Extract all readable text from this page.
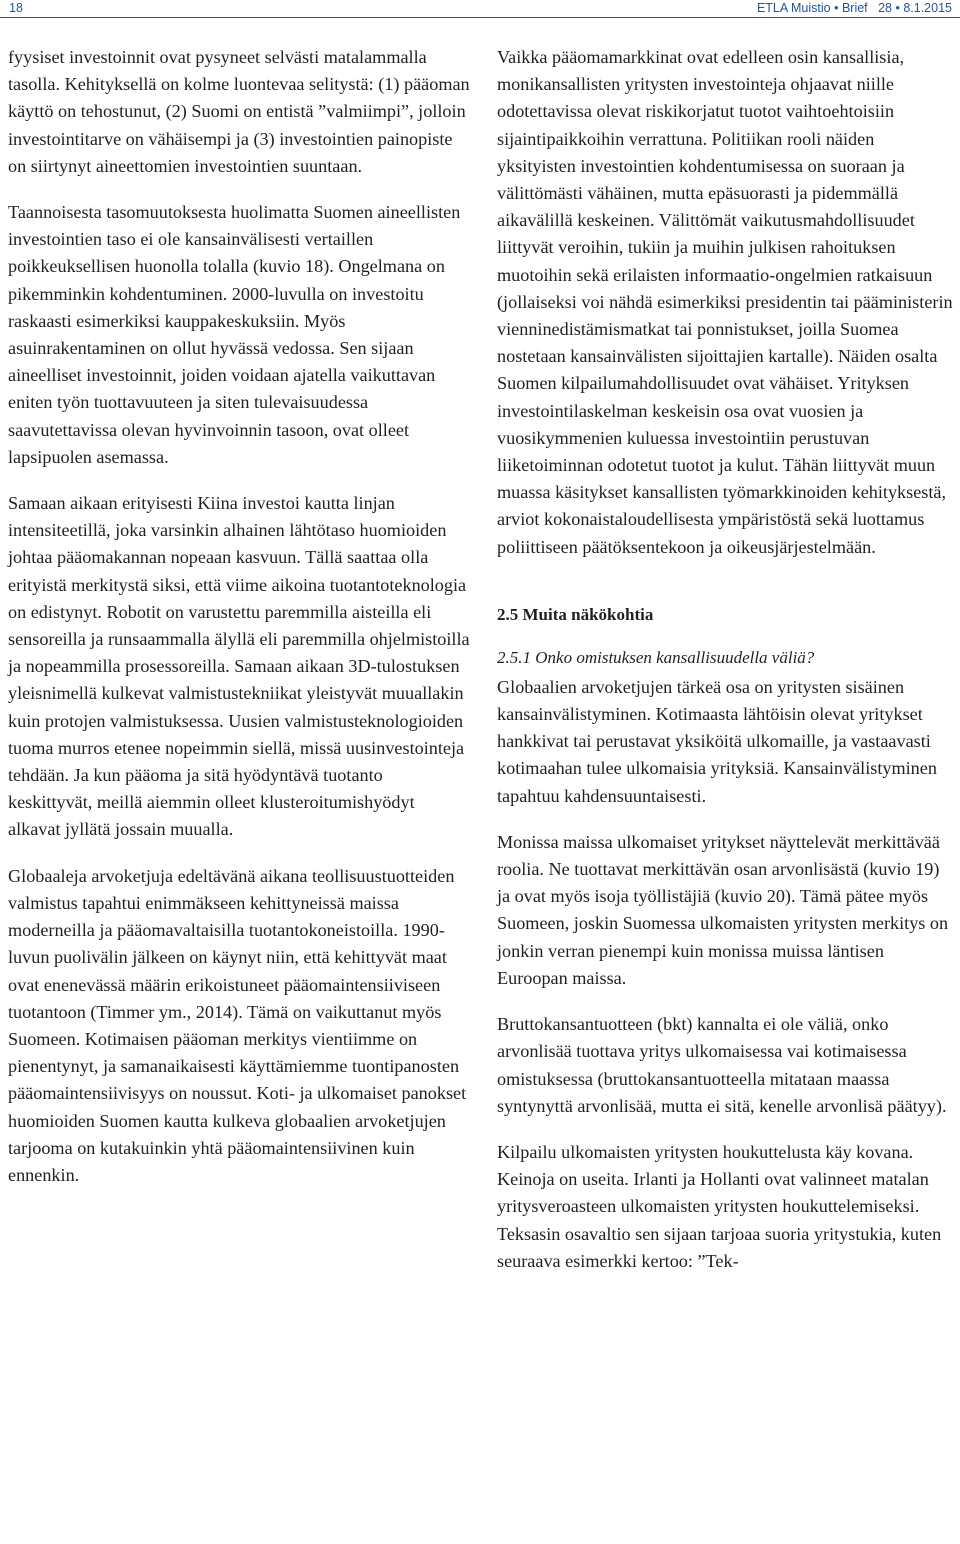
18	ETLA Muistio • Brief 28 • 8.1.2015

fyysiset investoinnit ovat pysyneet selvästi matalammalla tasolla. Kehityksellä on kolme luontevaa selitystä: (1) pääoman käyttö on tehostunut, (2) Suomi on entistä ”valmiimpi”, jolloin investointitarve on vähäisempi ja (3) investointien painopiste on siirtynyt aineettomien investointien suuntaan.

Taannoisesta tasomuutoksesta huolimatta Suomen aineellisten investointien taso ei ole kansainvälisesti vertaillen poikkeuksellisen huonolla tolalla (kuvio 18). Ongelmana on pikemminkin kohdentuminen. 2000-luvulla on investoitu raskaasti esimerkiksi kauppakeskuksiin. Myös asuinrakentaminen on ollut hyvässä vedossa. Sen sijaan aineelliset investoinnit, joiden voidaan ajatella vaikuttavan eniten työn tuottavuuteen ja siten tulevaisuudessa saavutettavissa olevan hyvinvoinnin tasoon, ovat olleet lapsipuolen asemassa.

Samaan aikaan erityisesti Kiina investoi kautta linjan intensiteetillä, joka varsinkin alhainen lähtötaso huomioiden johtaa pääomakannan nopeaan kasvuun. Tällä saattaa olla erityistä merkitystä siksi, että viime aikoina tuotantoteknologia on edistynyt. Robotit on varustettu paremmilla aisteilla eli sensoreilla ja runsaammalla älyllä eli paremmilla ohjelmistoilla ja nopeammilla prosessoreilla. Samaan aikaan 3D-tulostuksen yleisnimellä kulkevat valmistustekniikat yleistyvät muuallakin kuin protojen valmistuksessa. Uusien valmistusteknologioiden tuoma murros etenee nopeimmin siellä, missä uusinvestointeja tehdään. Ja kun pääoma ja sitä hyödyntävä tuotanto keskittyvät, meillä aiemmin olleet klusteroitumishyödyt alkavat jyllätä jossain muualla.

Globaaleja arvoketjuja edeltävänä aikana teollisuustuotteiden valmistus tapahtui enimmäkseen kehittyneissä maissa moderneilla ja pääomavaltaisilla tuotantokoneistoilla. 1990-luvun puolivälin jälkeen on käynyt niin, että kehittyvät maat ovat enenevässä määrin erikoistuneet pääomaintensiiviseen tuotantoon (Timmer ym., 2014). Tämä on vaikuttanut myös Suomeen. Kotimaisen pääoman merkitys vientiimme on pienentynyt, ja samanaikaisesti käyttämiemme tuontipanosten pääomaintensiivisyys on noussut. Koti- ja ulkomaiset panokset huomioiden Suomen kautta kulkeva globaalien arvoketjujen tarjooma on kutakuinkin yhtä pääomaintensiivinen kuin ennenkin.

Vaikka pääomamarkkinat ovat edelleen osin kansallisia, monikansallisten yritysten investointeja ohjaavat niille odotettavissa olevat riskikorjatut tuotot vaihtoehtoisiin sijaintipaikkoihin verrattuna. Politiikan rooli näiden yksityisten investointien kohdentumisessa on suoraan ja välittömästi vähäinen, mutta epäsuorasti ja pidemmällä aikavälillä keskeinen. Välittömät vaikutusmahdollisuudet liittyvät veroihin, tukiin ja muihin julkisen rahoituksen muotoihin sekä erilaisten informaatio-ongelmien ratkaisuun (jollaiseksi voi nähdä esimerkiksi presidentin tai pääministerin vienninedistämismatkat tai ponnistukset, joilla Suomea nostetaan kansainvälisten sijoittajien kartalle). Näiden osalta Suomen kilpailumahdollisuudet ovat vähäiset. Yrityksen investointilaskelman keskeisin osa ovat vuosien ja vuosikymmenien kuluessa investointiin perustuvan liiketoiminnan odotetut tuotot ja kulut. Tähän liittyvät muun muassa käsitykset kansallisten työmarkkinoiden kehityksestä, arviot kokonaistaloudellisesta ympäristöstä sekä luottamus poliittiseen päätöksentekoon ja oikeusjärjestelmään.

2.5 Muita näkökohtia
2.5.1 Onko omistuksen kansallisuudella väliä?

Globaalien arvoketjujen tärkeä osa on yritysten sisäinen kansainvälistyminen. Kotimaasta lähtöisin olevat yritykset hankkivat tai perustavat yksiköitä ulkomaille, ja vastaavasti kotimaahan tulee ulkomaisia yrityksiä. Kansainvälistyminen tapahtuu kahdensuuntaisesti.

Monissa maissa ulkomaiset yritykset näyttelevät merkittävää roolia. Ne tuottavat merkittävän osan arvonlisästä (kuvio 19) ja ovat myös isoja työllistäjiä (kuvio 20). Tämä pätee myös Suomeen, joskin Suomessa ulkomaisten yritysten merkitys on jonkin verran pienempi kuin monissa muissa läntisen Euroopan maissa.

Bruttokansantuotteen (bkt) kannalta ei ole väliä, onko arvonlisää tuottava yritys ulkomaisessa vai kotimaisessa omistuksessa (bruttokansantuotteella mitataan maassa syntynyttä arvonlisää, mutta ei sitä, kenelle arvonlisä päätyy).

Kilpailu ulkomaisten yritysten houkuttelusta käy kovana. Keinoja on useita. Irlanti ja Hollanti ovat valinneet matalan yritysveroasteen ulkomaisten yritysten houkuttelemiseksi. Teksasin osavaltio sen sijaan tarjoaa suoria yritystukia, kuten seuraava esimerkki kertoo: ”Tek-
